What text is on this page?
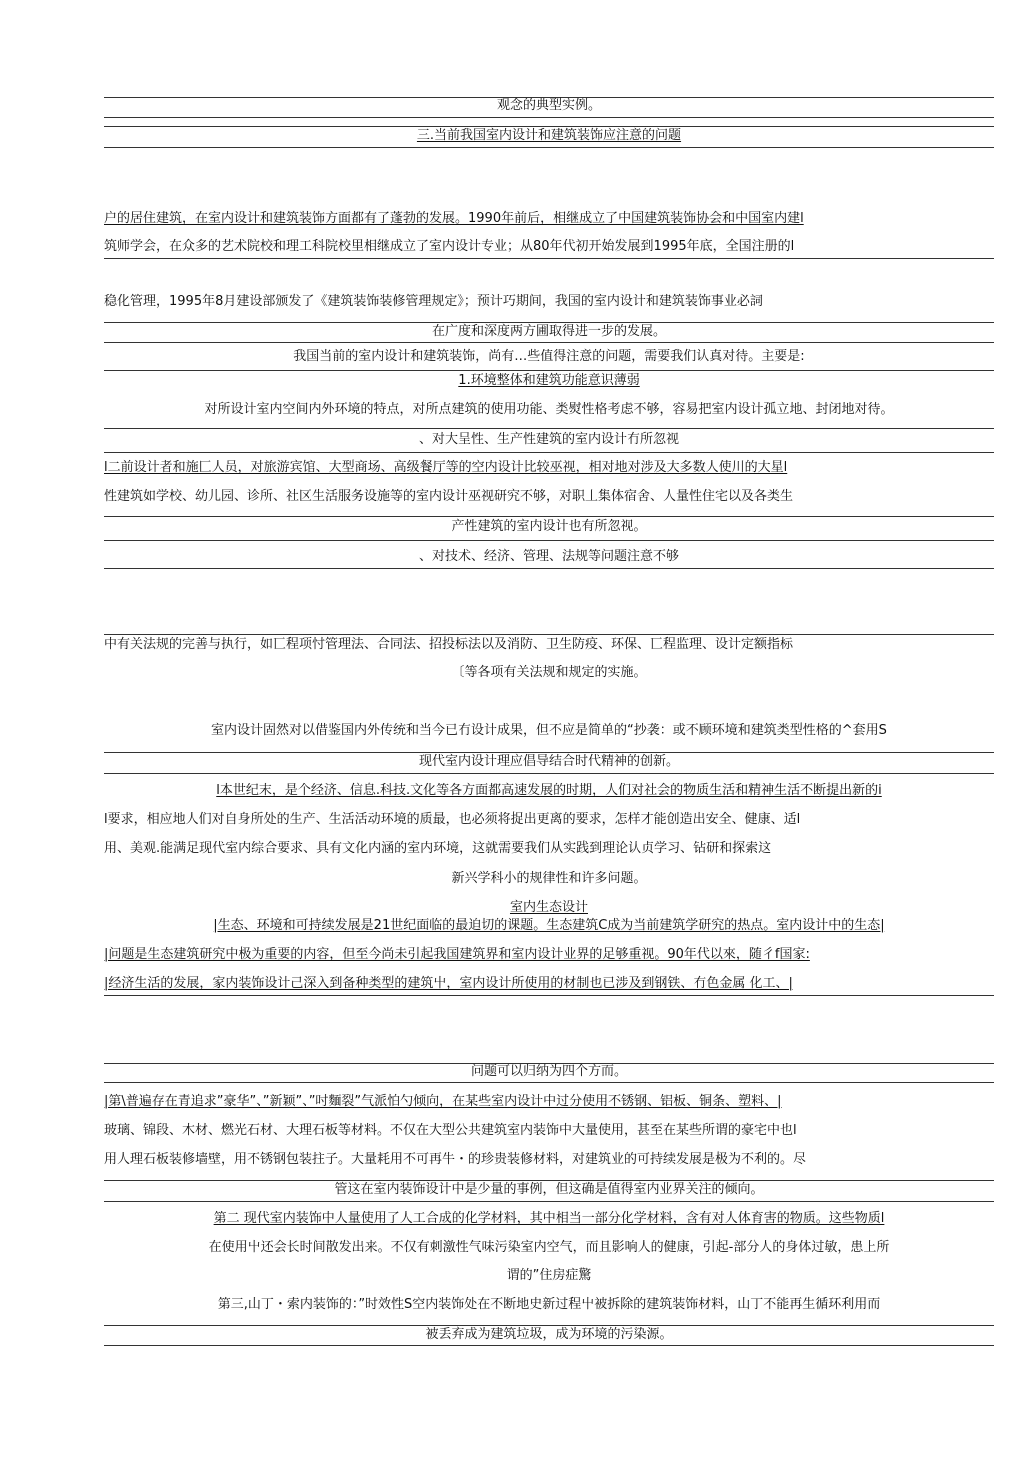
观念的典型实例。
三.当前我国室内设计和建筑装饰应注意的问题
户的居住建筑，在室内设计和建筑装饰方面都有了蓬勃的发展。1990年前后，相继成立了中国建筑装饰协会和中国室内建l
筑师学会，在众多的艺术院校和理工科院校里相继成立了室内设计专业；从80年代初开始发展到1995年底，全国注册的l
稳化管理，1995年8月建设部颁发了《建筑装饰装修管理规定》；预计巧期间，我国的室内设计和建筑装饰事业必詞
在广度和深度两方圃取得进一步的发展。
我国当前的室内设计和建筑装饰，尚有…些值得注意的问题，需要我们认真对待。主要是:
1.环境整体和建筑功能意识薄弱
对所设计室内空间内外环境的特点，对所点建筑的使用功能、类熨性格考虑不够，容易把室内设计孤立地、封闭地对待。
、对大呈性、生产性建筑的室内设计冇所忽视
l二前设计者和施匚人员，对旅游宾馆、大型商场、高级餐厅等的空内设计比较巫视，相对地对涉及大多数人使川的大星l
性建筑如学校、幼儿园、诊所、社区生活服务设施等的室内设计巫视研究不够，对职丄集体宿舍、人量性住宅以及各类生
产性建筑的室内设计也有所忽视。
、对技术、经济、管理、法规等问题注意不够
中有关法规的完善与执行，如匸程项忖管理法、合同法、招投标法以及消防、卫生防疫、环保、匸程监理、设计定额指标
〔等各项有关法规和规定的实施。
室内设计固然对以借鉴国内外传统和当今已冇设计成果，但不应是简单的“抄袭：或不顾环境和建筑类型性格的^套用S
现代室内设计理应倡导结合时代精神的创新。
l本世纪末，是个经济、信息.科技.文化等各方面都高速发展的时期，人们对社会的物质生活和精神生活不断提出新的i
l要求，相应地人们对自身所处的生产、生活活动环境的质最，也必须将捉出更离的要求，怎样才能创造出安全、健康、适l
用、美观.能满足现代室内综合要求、具有文化内涵的室内环境，这就需要我们从实践到理论认贞学习、钻研和探索这
新兴学科小的规律性和许多问题。
室内生态设计
|生态、环境和可持续发展是21世纪面临的最迫切的课题。生态建筑C成为当前建筑学研究的热点。室内设计中的生态|
|问题是生态建筑研究中极为重要的内容，但至今尚未引起我国建筑界和室内设计业界的足够重视。90年代以來，随彳f国家:
|经济生活的发展，家内装饰设计己深入到备种类型的建筑屮，室内设计所使用的材制也已涉及到钢铁、冇色金属 化工、|
问题可以归纳为四个方而。
|第\普遍存在青追求”豪华”、”新颖”、”吋麵裂”气派怕勺倾向，在某些室内设计中过分使用不锈钢、铝板、铜条、塑料、|
玻璃、锦段、木材、燃光石材、大理石板等材料。不仅在大型公共建筑室内装饰中大量使用，甚至在某些所谓的豪宅中也l
用人理石板装修墙壁，用不锈钢包装拄子。大量耗用不可再牛・的珍贵装修材料，对建筑业的可持续发展是极为不利的。尽
管这在室内装饰设计中是少量的事例，但这确是值得室内业界关注的倾向。
第二 现代室内装饰中人量使用了人工合成的化学材料，其中相当一部分化学材料，含有对人体育害的物质。这些物质l
在使用屮还会长时间散发出来。不仅有刺激性气味污染室内空气，而且影响人的健康，引起-部分人的身体过敏，患上所
谓的”住房症驚
第三,山丁・索内装饰的：”时效性S空内装饰处在不断地史新过程屮被拆除的建筑装饰材料，山丁不能再生循环利用而
被丢弃成为建筑垃圾，成为环境的污染源。
